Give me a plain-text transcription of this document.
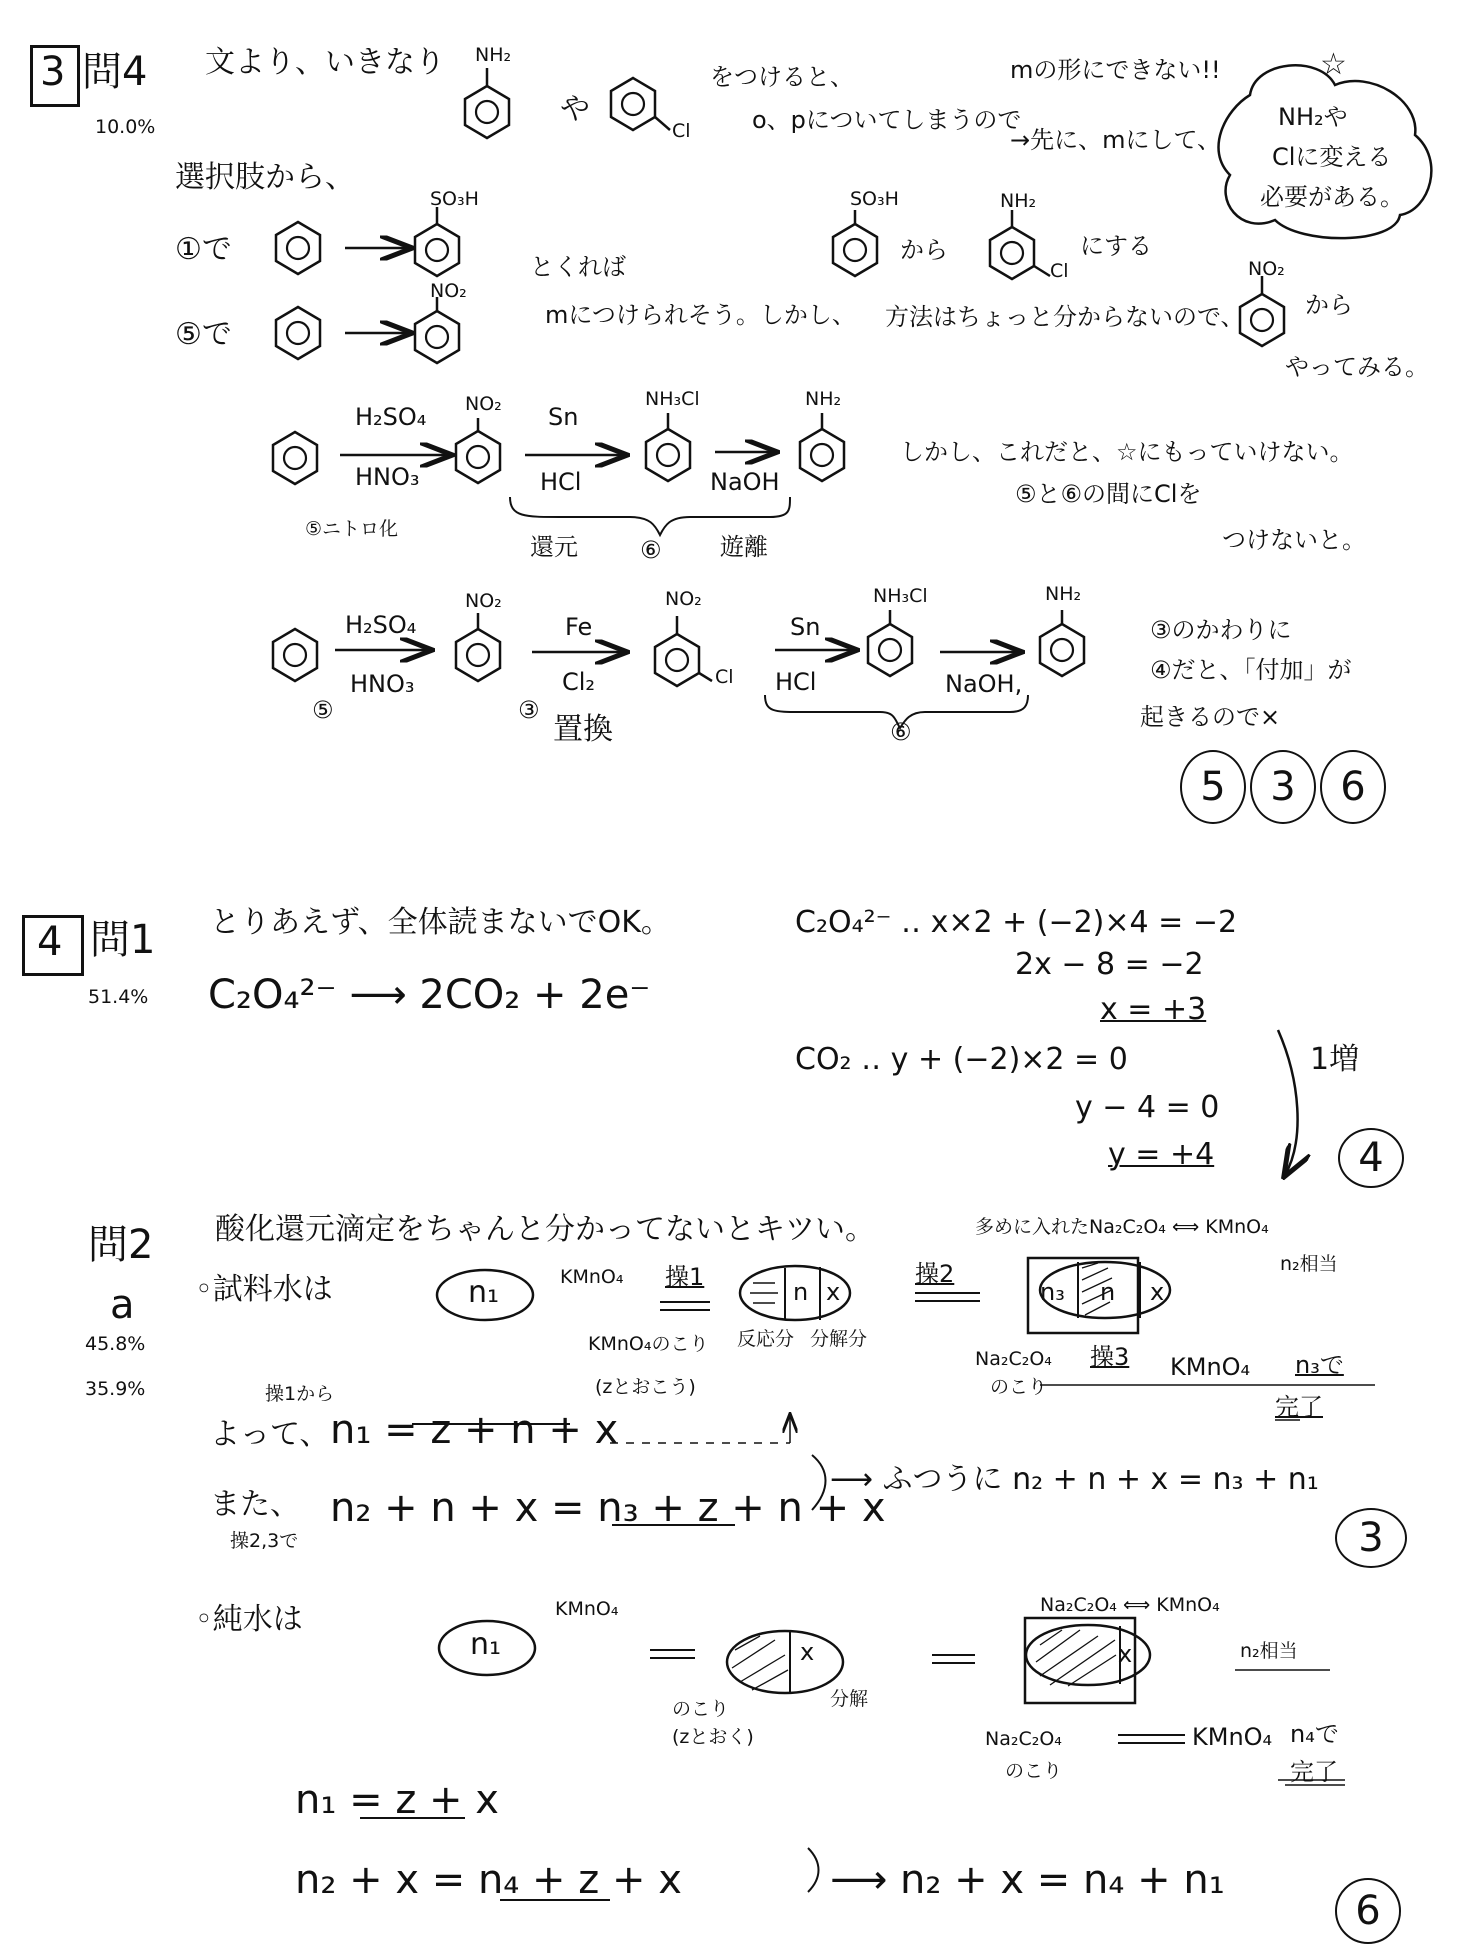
3 問4
10.0%
文より、いきなり NH₂
や
Cl
をつけると、
o、pについてしまうので
mの形にできない!!	☆
→先に、mにして、
NH₂や
Clに変える
必要がある。
選択肢から、
①で
SO₃H
⑤で
NO₂
とくれば
mにつけられそう。しかし、
SO₃H
から
NH₂
Cl
にする
方法はちょっと分からないので、
NO₂
から
やってみる。
H₂SO₄
HNO₃
NO₂ Sn
HCl
NH₃Cl
NaOH
NH₂
⑤ニトロ化
還元	⑥ 遊離
しかし、これだと、☆にもっていけない。
⑤と⑥の間にClを
つけないと。
H₂SO₄
HNO₃
NO₂
Fe
Cl₂
NO₂
Cl
Sn
HCl
NH₃Cl
NaOH,
NH₂
⑤	③
置換	⑥
③のかわりに
④だと、「付加」が
起きるので×
5 3 6
4 問1
51.4%
とりあえず、全体読まないでOK。
C₂O₄²⁻ ⟶ 2CO₂ + 2e⁻
C₂O₄²⁻ ‥ x×2 + (−2)×4 = −2
2x − 8 = −2
x = +3
CO₂ ‥ y + (−2)×2 = 0
y − 4 = 0
y = +4
1増
4
問2
a
45.8%
35.9%
酸化還元滴定をちゃんと分かってないとキツい。
◦試料水は	n₁	KMnO₄ 操1
n x
KMnO₄のこり
(zとおこう)
反応分 分解分
操2
多めに入れたNa₂C₂O₄ ⟺ KMnO₄
n₂相当
n₃ n x
Na₂C₂O₄
のこり
操3 KMnO₄ n₃で
完了
操1から
よって、 n₁ = z + n + x
また、 n₂ + n + x = n₃ + z + n + x
操2,3で
⟶ ふつうに n₂ + n + x = n₃ + n₁
3
◦純水は
n₁
KMnO₄
x
のこり
(zとおく)
分解
Na₂C₂O₄ ⟺ KMnO₄
n₂相当
x
Na₂C₂O₄
のこり
KMnO₄ n₄で
完了
n₁ = z + x
n₂ + x = n₄ + z + x	⟶ n₂ + x = n₄ + n₁
6
